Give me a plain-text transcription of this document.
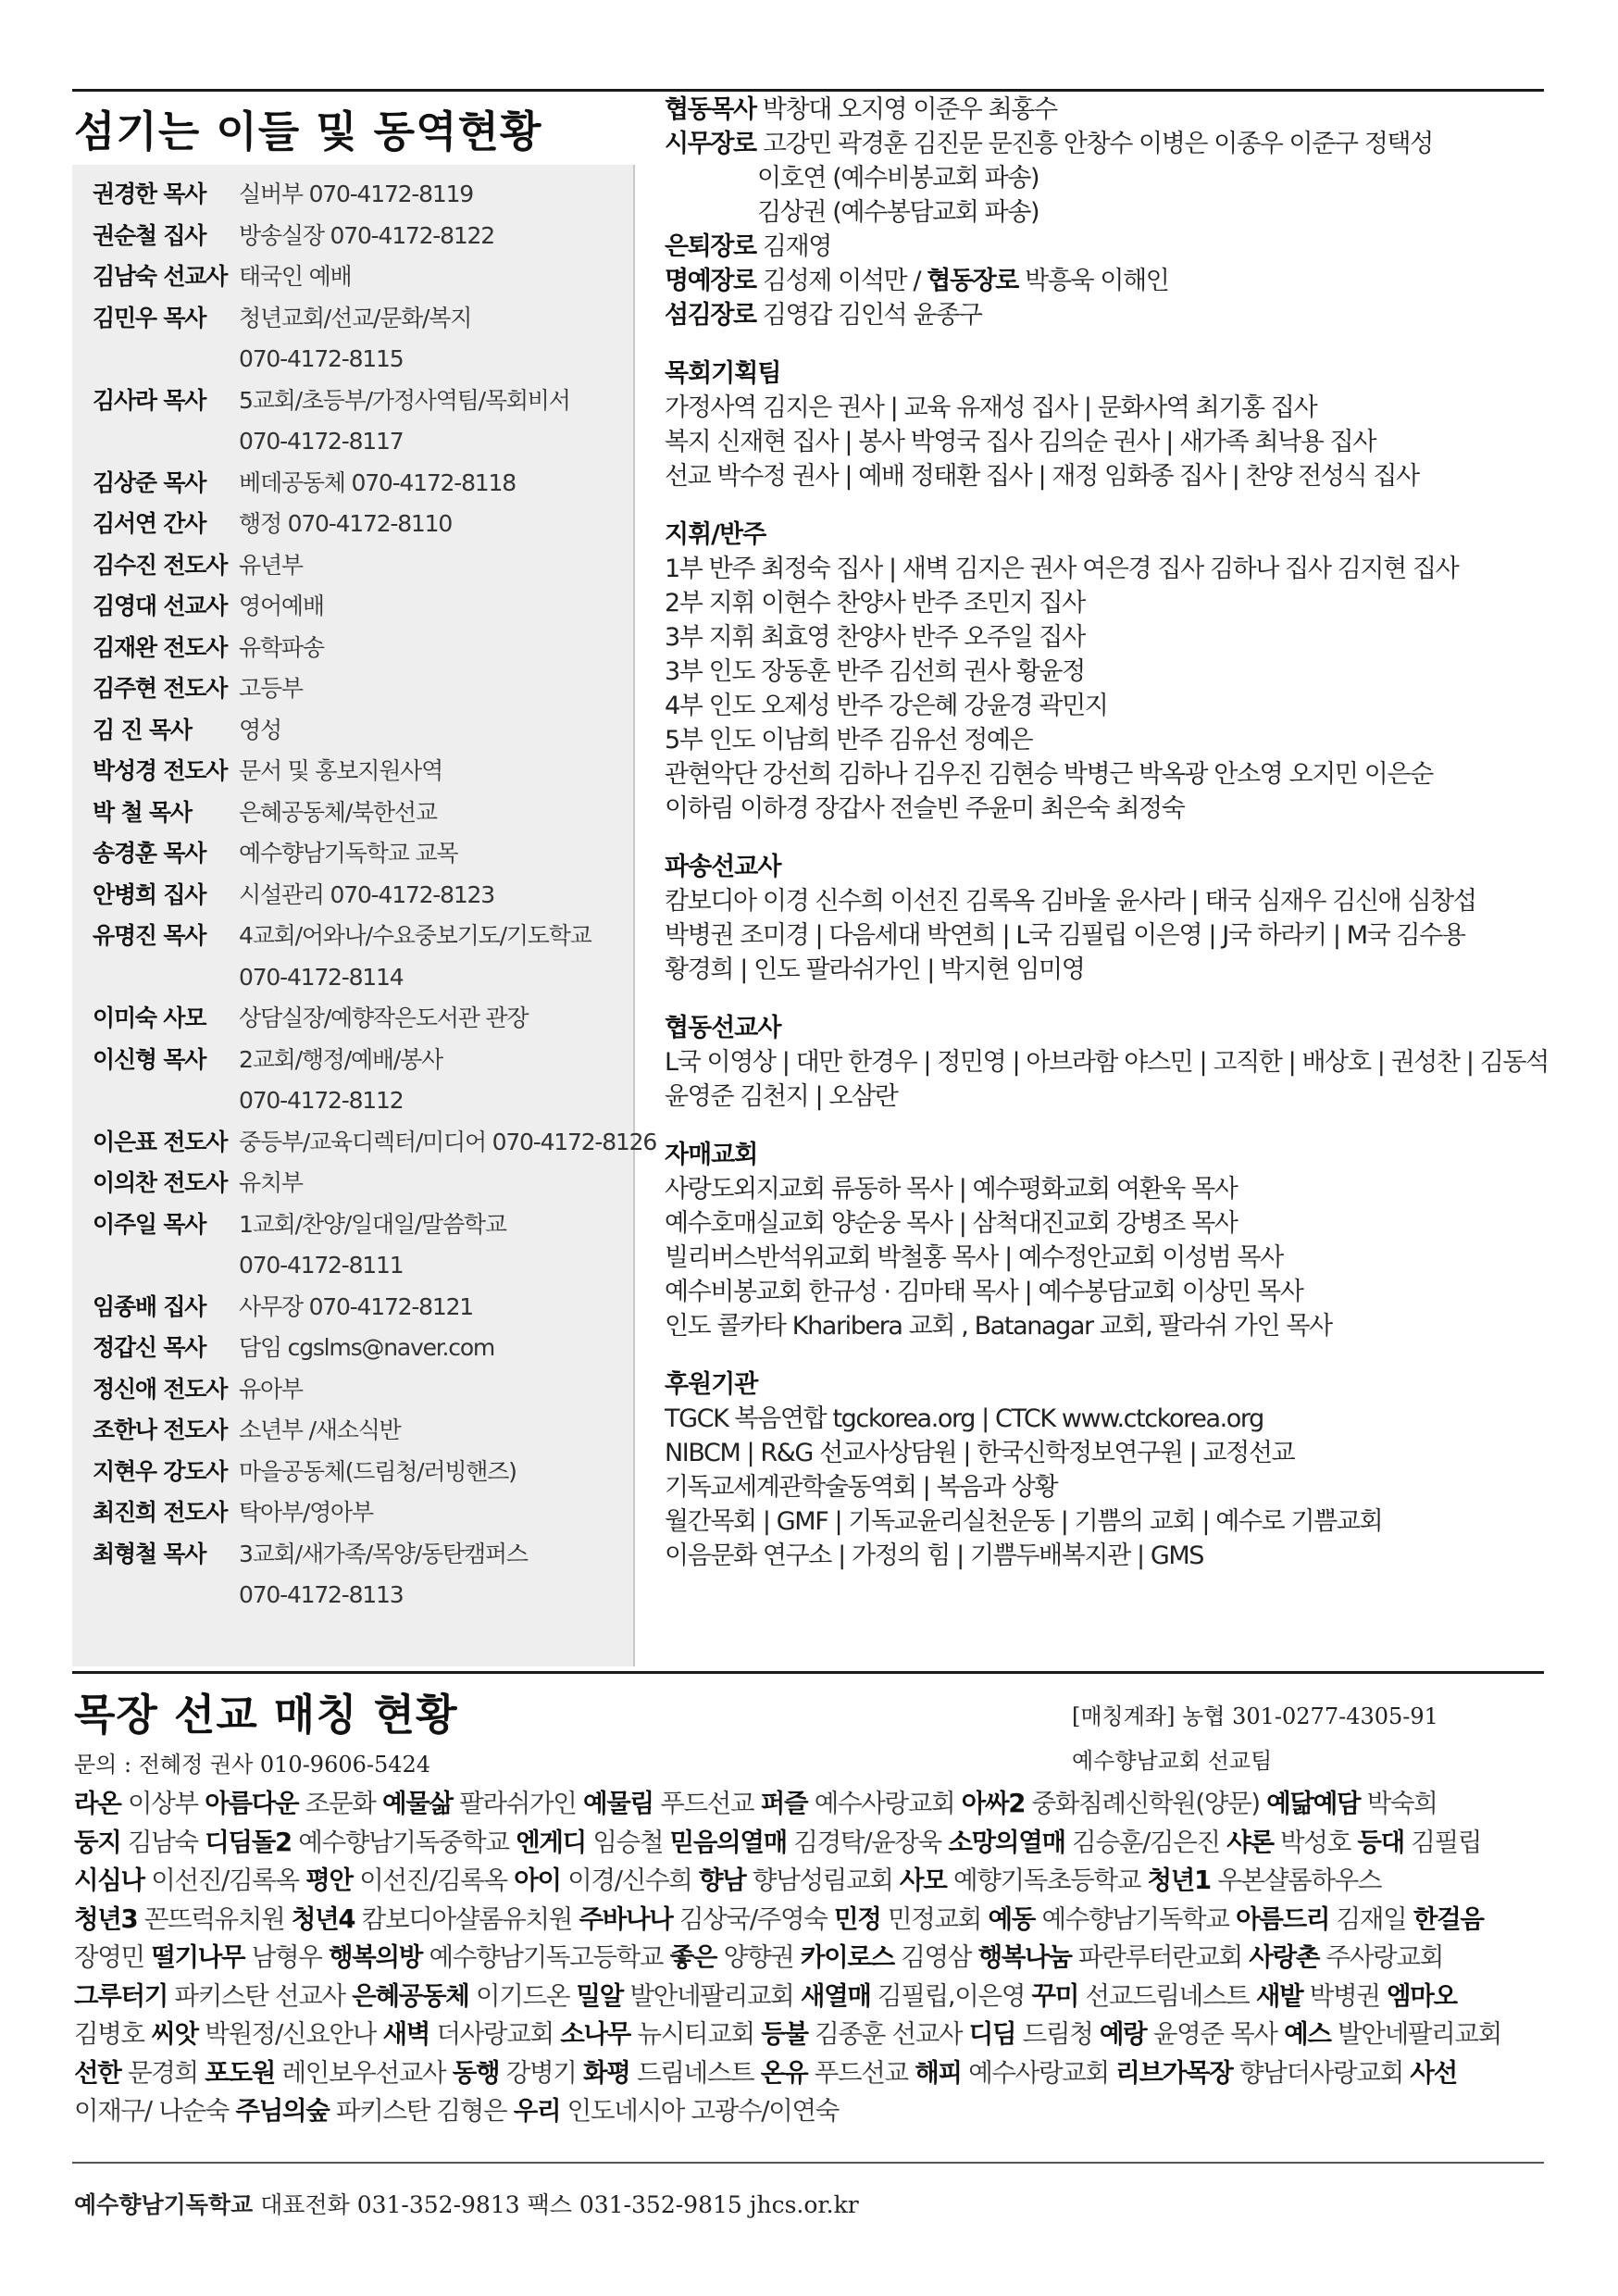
섬기는 이들 및 동역현황
권경한 목사	실버부 070-4172-8119
권순철 집사	방송실장 070-4172-8122
김남숙 선교사 태국인 예배
김민우 목사	청년교회/선교/문화/복지
070-4172-8115
김사라 목사	5교회/초등부/가정사역팀/목회비서
070-4172-8117
김상준 목사	베데공동체 070-4172-8118
김서연 간사	행정 070-4172-8110
김수진 전도사 유년부
김영대 선교사 영어예배
김재완 전도사 유학파송
김주현 전도사 고등부
김 진 목사	영성
박성경 전도사 문서 및 홍보지원사역
박 철 목사	은혜공동체/북한선교
송경훈 목사	예수향남기독학교 교목
안병희 집사	시설관리 070-4172-8123
유명진 목사	4교회/어와나/수요중보기도/기도학교
070-4172-8114
이미숙 사모	상담실장/예향작은도서관 관장
이신형 목사	2교회/행정/예배/봉사
070-4172-8112
이은표 전도사 중등부/교육디렉터/미디어 070-4172-8126
이의찬 전도사 유치부
이주일 목사	1교회/찬양/일대일/말씀학교
070-4172-8111
임종배 집사	사무장 070-4172-8121
정갑신 목사	담임 cgslms@naver.com
정신애 전도사 유아부
조한나 전도사 소년부 /새소식반
지현우 강도사 마을공동체(드림청/러빙핸즈)
최진희 전도사 탁아부/영아부
최형철 목사	3교회/새가족/목양/동탄캠퍼스
070-4172-8113
협동목사 박창대 오지영 이준우 최홍수
시무장로 고강민 곽경훈 김진문 문진흥 안창수 이병은 이종우 이준구 정택성
이호연 (예수비봉교회 파송)
김상권 (예수봉담교회 파송)
은퇴장로 김재영
명예장로 김성제 이석만 / 협동장로 박흥욱 이해인
섬김장로 김영갑 김인석 윤종구
목회기획팀
가정사역 김지은 권사 | 교육 유재성 집사 | 문화사역 최기홍 집사
복지 신재현 집사 | 봉사 박영국 집사 김의순 권사 | 새가족 최낙용 집사
선교 박수정 권사 | 예배 정태환 집사 | 재정 임화종 집사 | 찬양 전성식 집사
지휘/반주
1부 반주 최정숙 집사 | 새벽 김지은 권사 여은경 집사 김하나 집사 김지현 집사
2부 지휘 이현수 찬양사 반주 조민지 집사
3부 지휘 최효영 찬양사 반주 오주일 집사
3부 인도 장동훈 반주 김선희 권사 황윤정
4부 인도 오제성 반주 강은혜 강윤경 곽민지
5부 인도 이남희 반주 김유선 정예은
관현악단 강선희 김하나 김우진 김현승 박병근 박옥광 안소영 오지민 이은순
이하림 이하경 장갑사 전슬빈 주윤미 최은숙 최정숙
파송선교사
캄보디아 이경 신수희 이선진 김록옥 김바울 윤사라 | 태국 심재우 김신애 심창섭
박병권 조미경 | 다음세대 박연희 | L국 김필립 이은영 | J국 하라키 | M국 김수용
황경희 | 인도 팔라쉬가인 | 박지현 임미영
협동선교사
L국 이영상 | 대만 한경우 | 정민영 | 아브라함 야스민 | 고직한 | 배상호 | 권성찬 | 김동석
윤영준 김천지 | 오삼란
자매교회
사랑도외지교회 류동하 목사 | 예수평화교회 여환욱 목사
예수호매실교회 양순웅 목사 | 삼척대진교회 강병조 목사
빌리버스반석위교회 박철홍 목사 | 예수정안교회 이성범 목사
예수비봉교회 한규성 · 김마태 목사 | 예수봉담교회 이상민 목사
인도 콜카타 Kharibera 교회 , Batanagar 교회, 팔라쉬 가인 목사
후원기관
TGCK 복음연합 tgckorea.org | CTCK www.ctckorea.org
NIBCM | R&G 선교사상담원 | 한국신학정보연구원 | 교정선교
기독교세계관학술동역회 | 복음과 상황
월간목회 | GMF | 기독교윤리실천운동 | 기쁨의 교회 | 예수로 기쁨교회
이음문화 연구소 | 가정의 힘 | 기쁨두배복지관 | GMS
목장 선교 매칭 현황
문의 : 전혜정 권사 010-9606-5424
[매칭계좌] 농협 301-0277-4305-91
예수향남교회 선교팀
라온 이상부 아름다운 조문화 예물삶 팔라쉬가인 예물림 푸드선교 퍼즐 예수사랑교회 아싸2 중화침례신학원(양문) 예닮예담 박숙희
둥지 김남숙 디딤돌2 예수향남기독중학교 엔게디 임승철 믿음의열매 김경탁/윤장욱 소망의열매 김승훈/김은진 샤론 박성호 등대 김필립
시심나 이선진/김록옥 평안 이선진/김록옥 아이 이경/신수희 향남 향남성림교회 사모 예향기독초등학교 청년1 우본샬롬하우스
청년3 꼰뜨럭유치원 청년4 캄보디아샬롬유치원 주바나나 김상국/주영숙 민정 민정교회 예동 예수향남기독학교 아름드리 김재일 한걸음
장영민 떨기나무 남형우 행복의방 예수향남기독고등학교 좋은 양향권 카이로스 김영삼 행복나눔 파란루터란교회 사랑촌 주사랑교회
그루터기 파키스탄 선교사 은혜공동체 이기드온 밀알 발안네팔리교회 새열매 김필립,이은영 꾸미 선교드림네스트 새밭 박병권 엠마오
김병호 씨앗 박원정/신요안나 새벽 더사랑교회 소나무 뉴시티교회 등불 김종훈 선교사 디딤 드림청 예랑 윤영준 목사 예스 발안네팔리교회
선한 문경희 포도원 레인보우선교사 동행 강병기 화평 드림네스트 온유 푸드선교 해피 예수사랑교회 리브가목장 향남더사랑교회 사선
이재구/ 나순숙 주님의숲 파키스탄 김형은 우리 인도네시아 고광수/이연숙
예수향남기독학교 대표전화 031-352-9813 팩스 031-352-9815 jhcs.or.kr
